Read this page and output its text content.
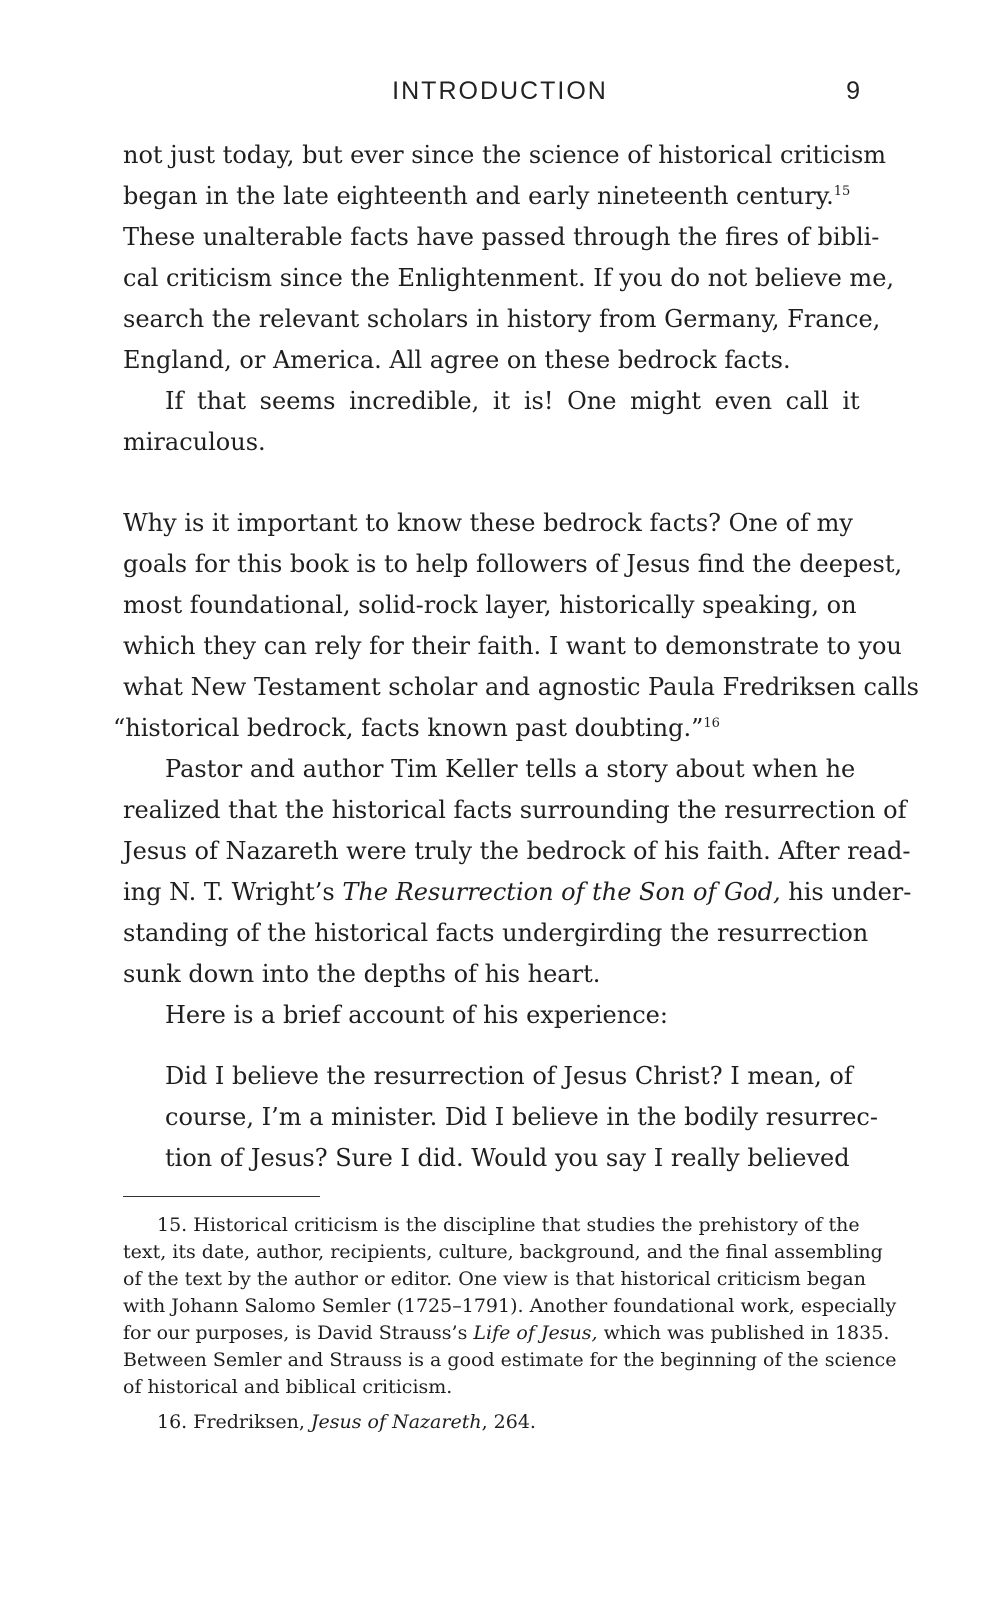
INTRODUCTION	9
not just today, but ever since the science of historical criticism
began in the late eighteenth and early nineteenth century.$^{15}$
These unalterable facts have passed through the fires of bibli-
cal criticism since the Enlightenment. If you do not believe me,
search the relevant scholars in history from Germany, France,
England, or America. All agree on these bedrock facts.
If that seems incredible, it is! One might even call it
miraculous.
Why is it important to know these bedrock facts? One of my
goals for this book is to help followers of Jesus find the deepest,
most foundational, solid-rock layer, historically speaking, on
which they can rely for their faith. I want to demonstrate to you
what New Testament scholar and agnostic Paula Fredriksen calls
“historical bedrock, facts known past doubting.”$^{16}$
Pastor and author Tim Keller tells a story about when he
realized that the historical facts surrounding the resurrection of
Jesus of Nazareth were truly the bedrock of his faith. After read-
ing N. T. Wright’s The Resurrection of the Son of God, his under-
standing of the historical facts undergirding the resurrection
sunk down into the depths of his heart.
Here is a brief account of his experience:
Did I believe the resurrection of Jesus Christ? I mean, of
course, I’m a minister. Did I believe in the bodily resurrec-
tion of Jesus? Sure I did. Would you say I really believed
15. Historical criticism is the discipline that studies the prehistory of the
text, its date, author, recipients, culture, background, and the final assembling
of the text by the author or editor. One view is that historical criticism began
with Johann Salomo Semler (1725–1791). Another foundational work, especially
for our purposes, is David Strauss’s Life of Jesus, which was published in 1835.
Between Semler and Strauss is a good estimate for the beginning of the science
of historical and biblical criticism.
16. Fredriksen, Jesus of Nazareth, 264.
